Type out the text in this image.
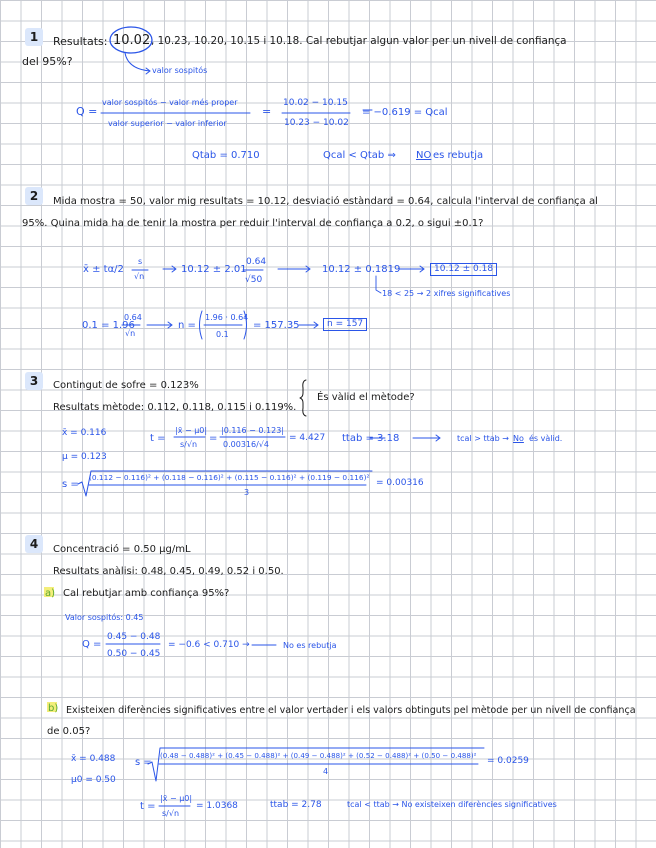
1	Resultats: 10.02 , 10.23, 10.20, 10.15 i 10.18. Cal rebutjar algun valor per un nivell de confiança
del 95%?
valor sospitós
Q =
valor sospitós − valor més proper
valor superior − valor inferior
=
10.02 − 10.15
10.23 − 10.02
= −0.619 = Qcal
Qtab = 0.710	Qcal < Qtab ⇒ NO es rebutja
2	Mida mostra = 50, valor mig resultats = 10.12, desviació estàndard = 0.64, calcula l'interval de confiança al
95%. Quina mida ha de tenir la mostra per reduir l'interval de confiança a 0.2, o sigui ±0.1?
x̄ ± tα/2
s
√n
10.12 ± 2.01
0.64
√50
10.12 ± 0.1819	10.12 ± 0.18
18 < 25 → 2 xifres significatives
0.1 = 1.96
0.64
√n
n =
1.96 · 0.64
0.1
= 157.35	n = 157
3	Contingut de sofre = 0.123%
Resultats mètode: 0.112, 0.118, 0.115 i 0.119%.
És vàlid el mètode?
x̄ = 0.116
μ = 0.123
t =
|x̄ − μ0|
s/√n
=
|0.116 − 0.123|
0.00316/√4
= 4.427 ttab = 3.18	tcal > ttab → No és vàlid.
s =
(0.112 − 0.116)² + (0.118 − 0.116)² + (0.115 − 0.116)² + (0.119 − 0.116)²
3
= 0.00316
4	Concentració = 0.50 μg/mL
Resultats anàlisi: 0.48, 0.45, 0.49, 0.52 i 0.50.
a) Cal rebutjar amb confiança 95%?
Valor sospitós: 0.45
Q =
0.45 − 0.48
0.50 − 0.45
= −0.6 < 0.710 →	No es rebutja
b) Existeixen diferències significatives entre el valor vertader i els valors obtinguts pel mètode per un nivell de confiança
de 0.05?
x̄ = 0.488
μ0 = 0.50
s =
(0.48 − 0.488)² + (0.45 − 0.488)² + (0.49 − 0.488)² + (0.52 − 0.488)² + (0.50 − 0.488)²
4
= 0.0259
t =
|x̄ − μ0|
s/√n
= 1.0368	ttab = 2.78	tcal < ttab → No existeixen diferències significatives
